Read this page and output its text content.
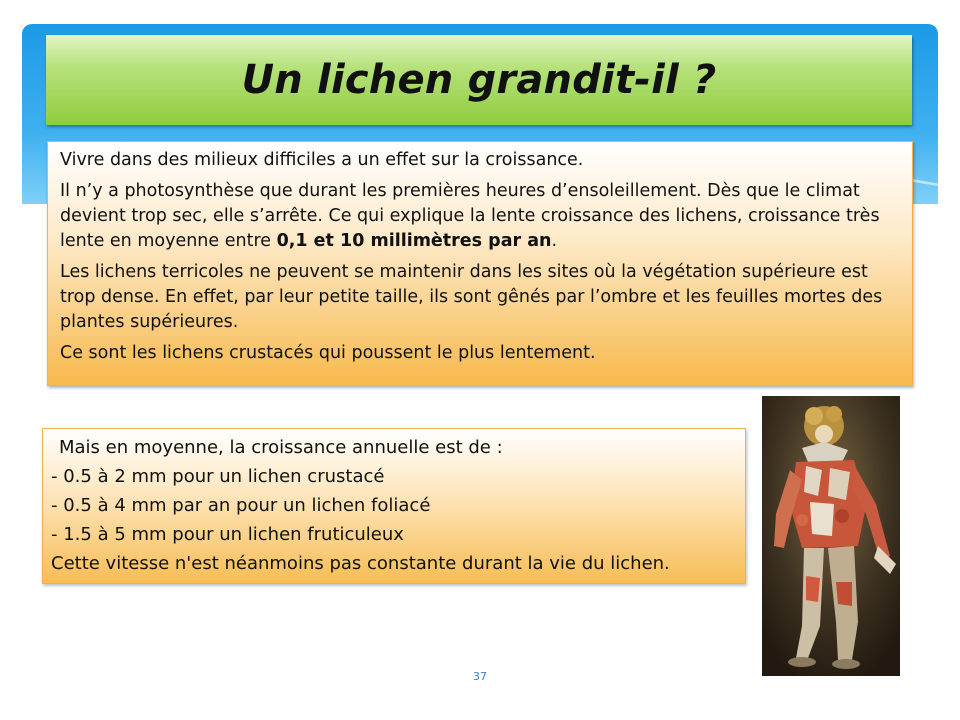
Un lichen grandit-il ?

Vivre dans des milieux difficiles a un effet sur la croissance.

Il n’y a photosynthèse que durant les premières heures d’ensoleillement. Dès que le climat devient trop sec, elle s’arrête. Ce qui explique la lente croissance des lichens, croissance très lente en moyenne entre 0,1 et 10 millimètres par an.

Les lichens terricoles ne peuvent se maintenir dans les sites où la végétation supérieure est trop dense. En effet, par leur petite taille, ils sont gênés par l’ombre et les feuilles mortes des plantes supérieures.

Ce sont les lichens crustacés qui poussent le plus lentement.

Mais en moyenne, la croissance annuelle est de :
- 0.5 à 2 mm pour un lichen crustacé
- 0.5 à 4 mm par an pour un lichen foliacé
- 1.5 à 5 mm pour un lichen fruticuleux
Cette vitesse n'est néanmoins pas constante durant la vie du lichen.
37
